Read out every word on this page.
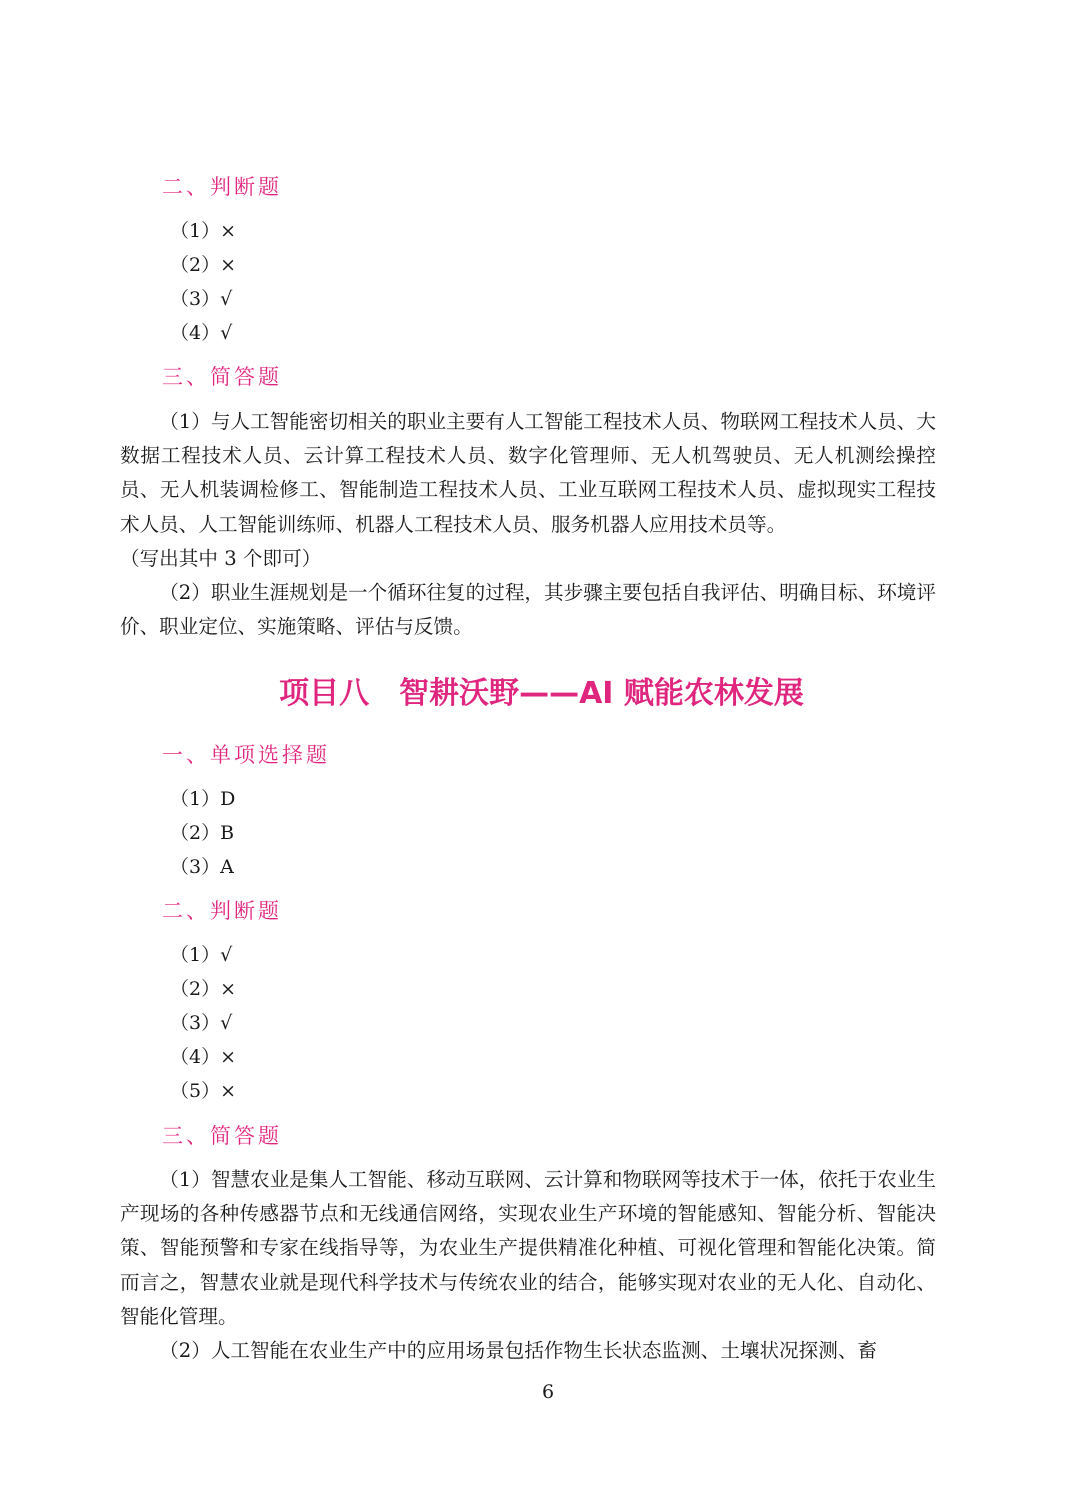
二、判断题
（1）×
（2）×
（3）√
（4）√
三、简答题
（1）与人工智能密切相关的职业主要有人工智能工程技术人员、物联网工程技术人员、大数据工程技术人员、云计算工程技术人员、数字化管理师、无人机驾驶员、无人机测绘操控员、无人机装调检修工、智能制造工程技术人员、工业互联网工程技术人员、虚拟现实工程技术人员、人工智能训练师、机器人工程技术人员、服务机器人应用技术员等。
（写出其中 3 个即可）
（2）职业生涯规划是一个循环往复的过程，其步骤主要包括自我评估、明确目标、环境评价、职业定位、实施策略、评估与反馈。
项目八　智耕沃野——AI 赋能农林发展
一、单项选择题
（1）D
（2）B
（3）A
二、判断题
（1）√
（2）×
（3）√
（4）×
（5）×
三、简答题
（1）智慧农业是集人工智能、移动互联网、云计算和物联网等技术于一体，依托于农业生产现场的各种传感器节点和无线通信网络，实现农业生产环境的智能感知、智能分析、智能决策、智能预警和专家在线指导等，为农业生产提供精准化种植、可视化管理和智能化决策。简而言之，智慧农业就是现代科学技术与传统农业的结合，能够实现对农业的无人化、自动化、智能化管理。
（2）人工智能在农业生产中的应用场景包括作物生长状态监测、土壤状况探测、畜
6
